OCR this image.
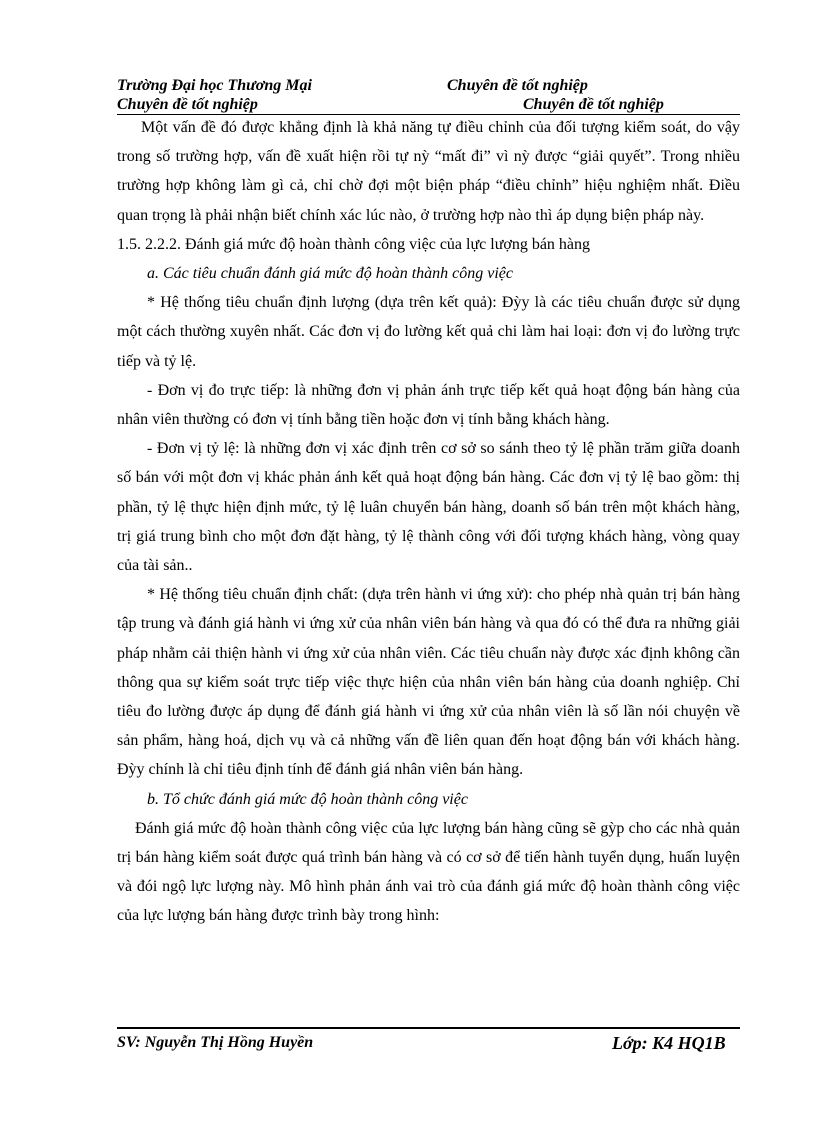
Trường Đại học Thương Mại	Chuyên đề tốt nghiệp
Chuyên đề tốt nghiệp	Chuyên đề tốt nghiệp

Một vấn đề đó được khẳng định là khả năng tự điều chỉnh của đối tượng kiểm soát, do vậy trong số trường hợp, vấn đề xuất hiện rồi tự nỳ “mất đi” vì nỳ được “giải quyết”. Trong nhiều trường hợp không làm gì cả, chỉ chờ đợi một biện pháp “điều chỉnh” hiệu nghiệm nhất. Điều quan trọng là phải nhận biết chính xác lúc nào, ở trường hợp nào thì áp dụng biện pháp này.

1.5. 2.2.2. Đánh giá mức độ hoàn thành công việc của lực lượng bán hàng

a. Các tiêu chuẩn đánh giá mức độ hoàn thành công việc

* Hệ thống tiêu chuẩn định lượng (dựa trên kết quả): Đỳy là các tiêu chuẩn được sử dụng một cách thường xuyên nhất. Các đơn vị đo lường kết quả chi làm hai loại: đơn vị đo lường trực tiếp và tỷ lệ.

- Đơn vị đo trực tiếp: là những đơn vị phản ánh trực tiếp kết quả hoạt động bán hàng của nhân viên thường có đơn vị tính bằng tiền hoặc đơn vị tính bằng khách hàng.

- Đơn vị tỷ lệ: là những đơn vị xác định trên cơ sở so sánh theo tỷ lệ phần trăm giữa doanh số bán với một đơn vị khác phản ánh kết quả hoạt động bán hàng. Các đơn vị tỷ lệ bao gồm: thị phần, tỷ lệ thực hiện định mức, tỷ lệ luân chuyển bán hàng, doanh số bán trên một khách hàng, trị giá trung bình cho một đơn đặt hàng, tỷ lệ thành công với đối tượng khách hàng, vòng quay của tài sản..

* Hệ thống tiêu chuẩn định chất: (dựa trên hành vi ứng xử): cho phép nhà quản trị bán hàng tập trung và đánh giá hành vi ứng xử của nhân viên bán hàng và qua đó có thể đưa ra những giải pháp nhằm cải thiện hành vi ứng xử của nhân viên. Các tiêu chuẩn này được xác định không cần thông qua sự kiểm soát trực tiếp việc thực hiện của nhân viên bán hàng của doanh nghiệp. Chỉ tiêu đo lường được áp dụng để đánh giá hành vi ứng xử của nhân viên là số lần nói chuyện về sản phẩm, hàng hoá, dịch vụ và cả những vấn đề liên quan đến hoạt động bán với khách hàng. Đỳy chính là chỉ tiêu định tính để đánh giá nhân viên bán hàng.

b. Tổ chức đánh giá mức độ hoàn thành công việc

Đánh giá mức độ hoàn thành công việc của lực lượng bán hàng cũng sẽ gỳp cho các nhà quản trị bán hàng kiểm soát được quá trình bán hàng và có cơ sở để tiến hành tuyển dụng, huấn luyện và đói ngộ lực lượng này. Mô hình phản ánh vai trò của đánh giá mức độ hoàn thành công việc của lực lượng bán hàng được trình bày trong hình:

SV: Nguyễn Thị Hồng Huyền	Lớp: K4 HQ1B
